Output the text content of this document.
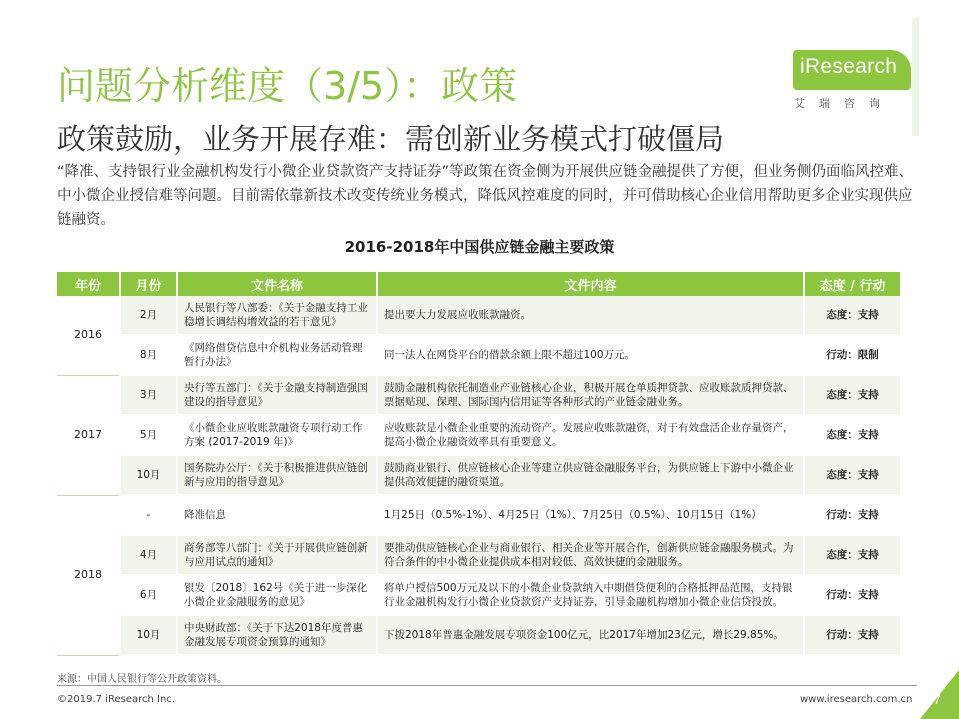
iResearch
艾瑞咨询
问题分析维度（3/5）：政策
政策鼓励，业务开展存难：需创新业务模式打破僵局
“降准、支持银行业金融机构发行小微企业贷款资产支持证券”等政策在资金侧为开展供应链金融提供了方便，但业务侧仍面临风控难、中小微企业授信难等问题。目前需依靠新技术改变传统业务模式，降低风控难度的同时，并可借助核心企业信用帮助更多企业实现供应链融资。
2016-2018年中国供应链金融主要政策
年份	月份	文件名称	文件内容	态度 / 行动
2016	2月	人民银行等八部委：《关于金融支持工业稳增长调结构增效益的若干意见》	提出要大力发展应收账款融资。	态度：支持
	8月	《网络借贷信息中介机构业务活动管理暂行办法》	同一法人在网贷平台的借款余额上限不超过100万元。	行动：限制
2017	3月	央行等五部门：《关于金融支持制造强国建设的指导意见》	鼓励金融机构依托制造业产业链核心企业，积极开展仓单质押贷款、应收账款质押贷款、票据贴现、保理、国际国内信用证等各种形式的产业链金融业务。	态度：支持
	5月	《小微企业应收账款融资专项行动工作方案 (2017-2019 年)》	应收账款是小微企业重要的流动资产。发展应收账款融资，对于有效盘活企业存量资产，提高小微企业融资效率具有重要意义。	态度：支持
	10月	国务院办公厅：《关于积极推进供应链创新与应用的指导意见》	鼓励商业银行、供应链核心企业等建立供应链金融服务平台，为供应链上下游中小微企业提供高效便捷的融资渠道。	态度：支持
2018	-	降准信息	1月25日（0.5%-1%）、4月25日（1%）、7月25日（0.5%）、10月15日（1%）	行动：支持
	4月	商务部等八部门：《关于开展供应链创新与应用试点的通知》	要推动供应链核心企业与商业银行、相关企业等开展合作，创新供应链金融服务模式。为符合条件的中小微企业提供成本相对较低、高效快捷的金融服务。	态度：支持
	6月	银发〔2018〕162号《关于进一步深化小微企业金融服务的意见》	将单户授信500万元及以下的小微企业贷款纳入中期借贷便利的合格抵押品范围，支持银行业金融机构发行小微企业贷款资产支持证券，引导金融机构增加小微企业信贷投放。	行动：支持
	10月	中央财政部：《关于下达2018年度普惠金融发展专项资金预算的通知》	下拨2018年普惠金融发展专项资金100亿元，比2017年增加23亿元，增长29.85%。	行动：支持
来源：中国人民银行等公开政策资料。
©2019.7 iResearch Inc.	www.iresearch.com.cn 7
